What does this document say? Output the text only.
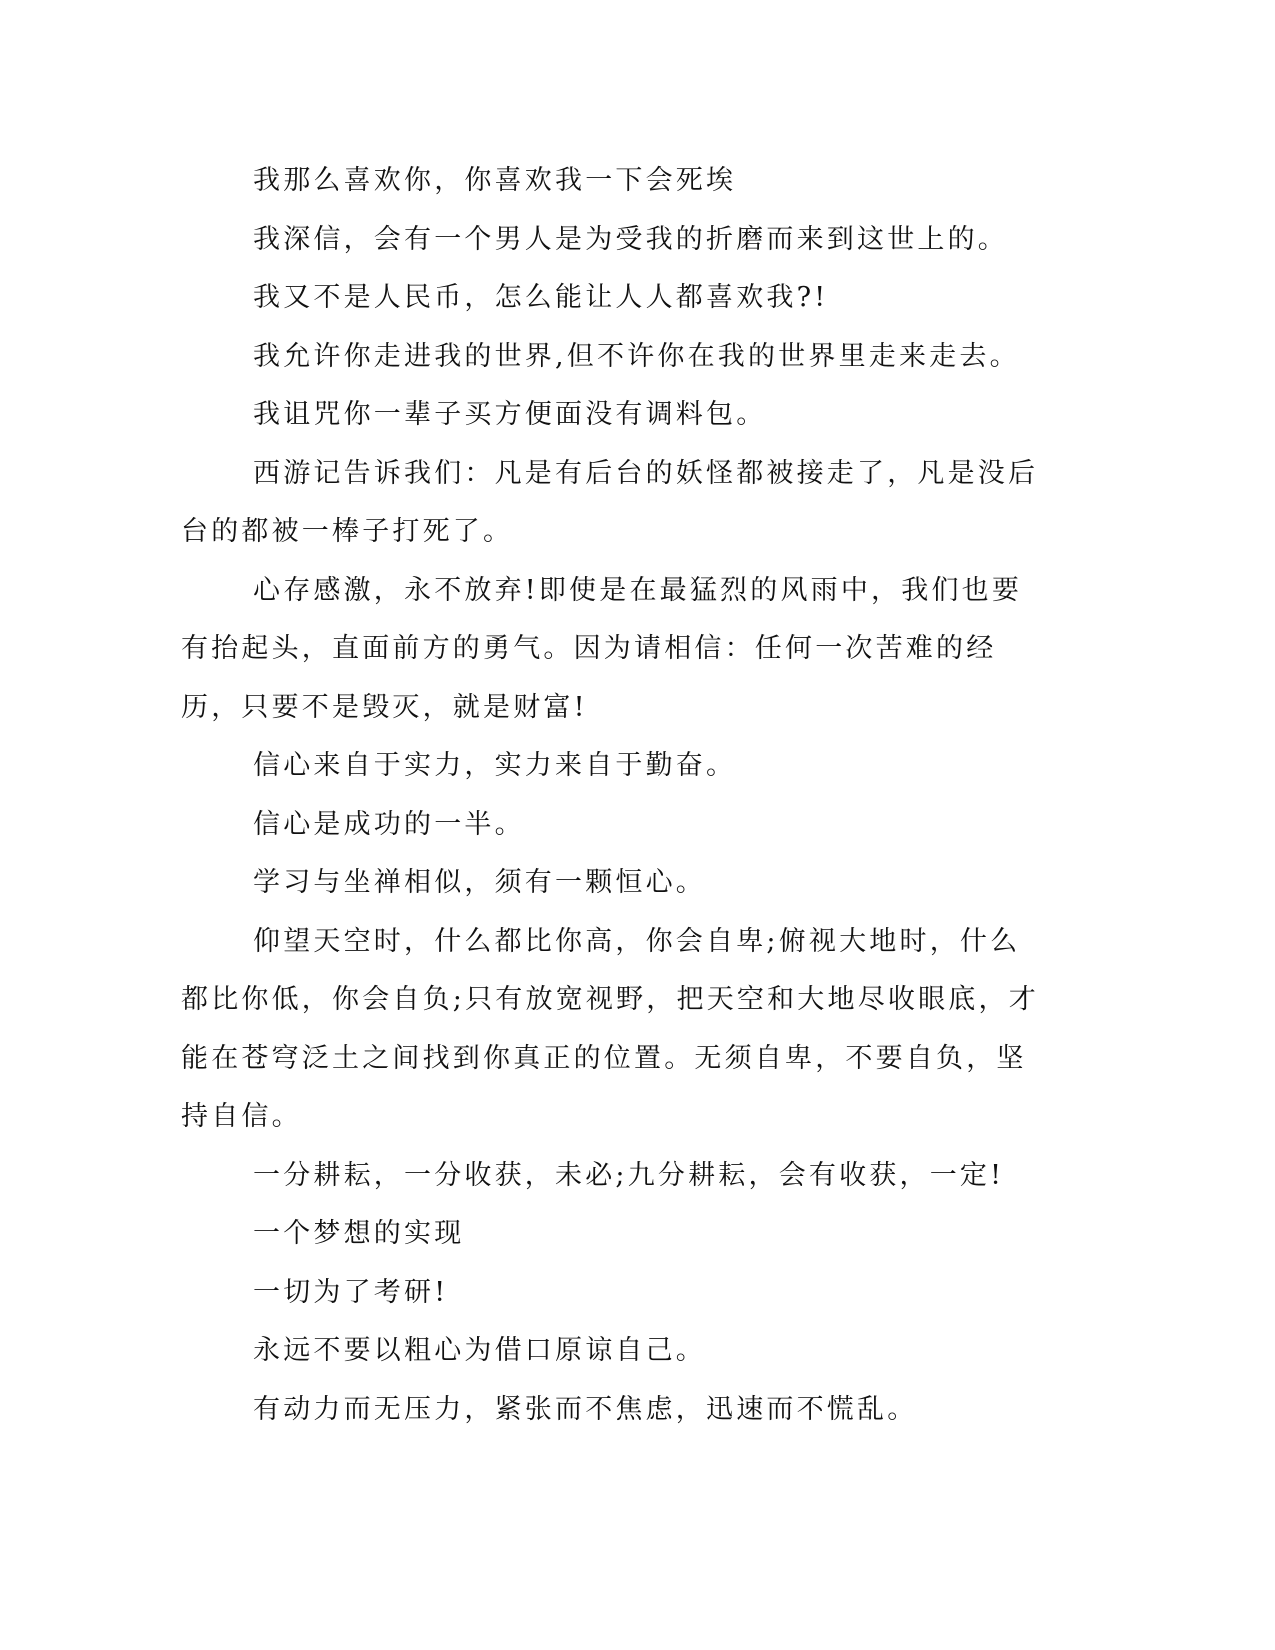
我那么喜欢你，你喜欢我一下会死埃

我深信，会有一个男人是为受我的折磨而来到这世上的。

我又不是人民币，怎么能让人人都喜欢我?!

我允许你走进我的世界,但不许你在我的世界里走来走去。

我诅咒你一辈子买方便面没有调料包。

西游记告诉我们：凡是有后台的妖怪都被接走了，凡是没后台的都被一棒子打死了。

心存感激，永不放弃!即使是在最猛烈的风雨中，我们也要有抬起头，直面前方的勇气。因为请相信：任何一次苦难的经历，只要不是毁灭，就是财富!

信心来自于实力，实力来自于勤奋。

信心是成功的一半。

学习与坐禅相似，须有一颗恒心。

仰望天空时，什么都比你高，你会自卑;俯视大地时，什么都比你低，你会自负;只有放宽视野，把天空和大地尽收眼底，才能在苍穹泛土之间找到你真正的位置。无须自卑，不要自负，坚持自信。

一分耕耘，一分收获，未必;九分耕耘，会有收获，一定!

一个梦想的实现

一切为了考研!

永远不要以粗心为借口原谅自己。

有动力而无压力，紧张而不焦虑，迅速而不慌乱。
